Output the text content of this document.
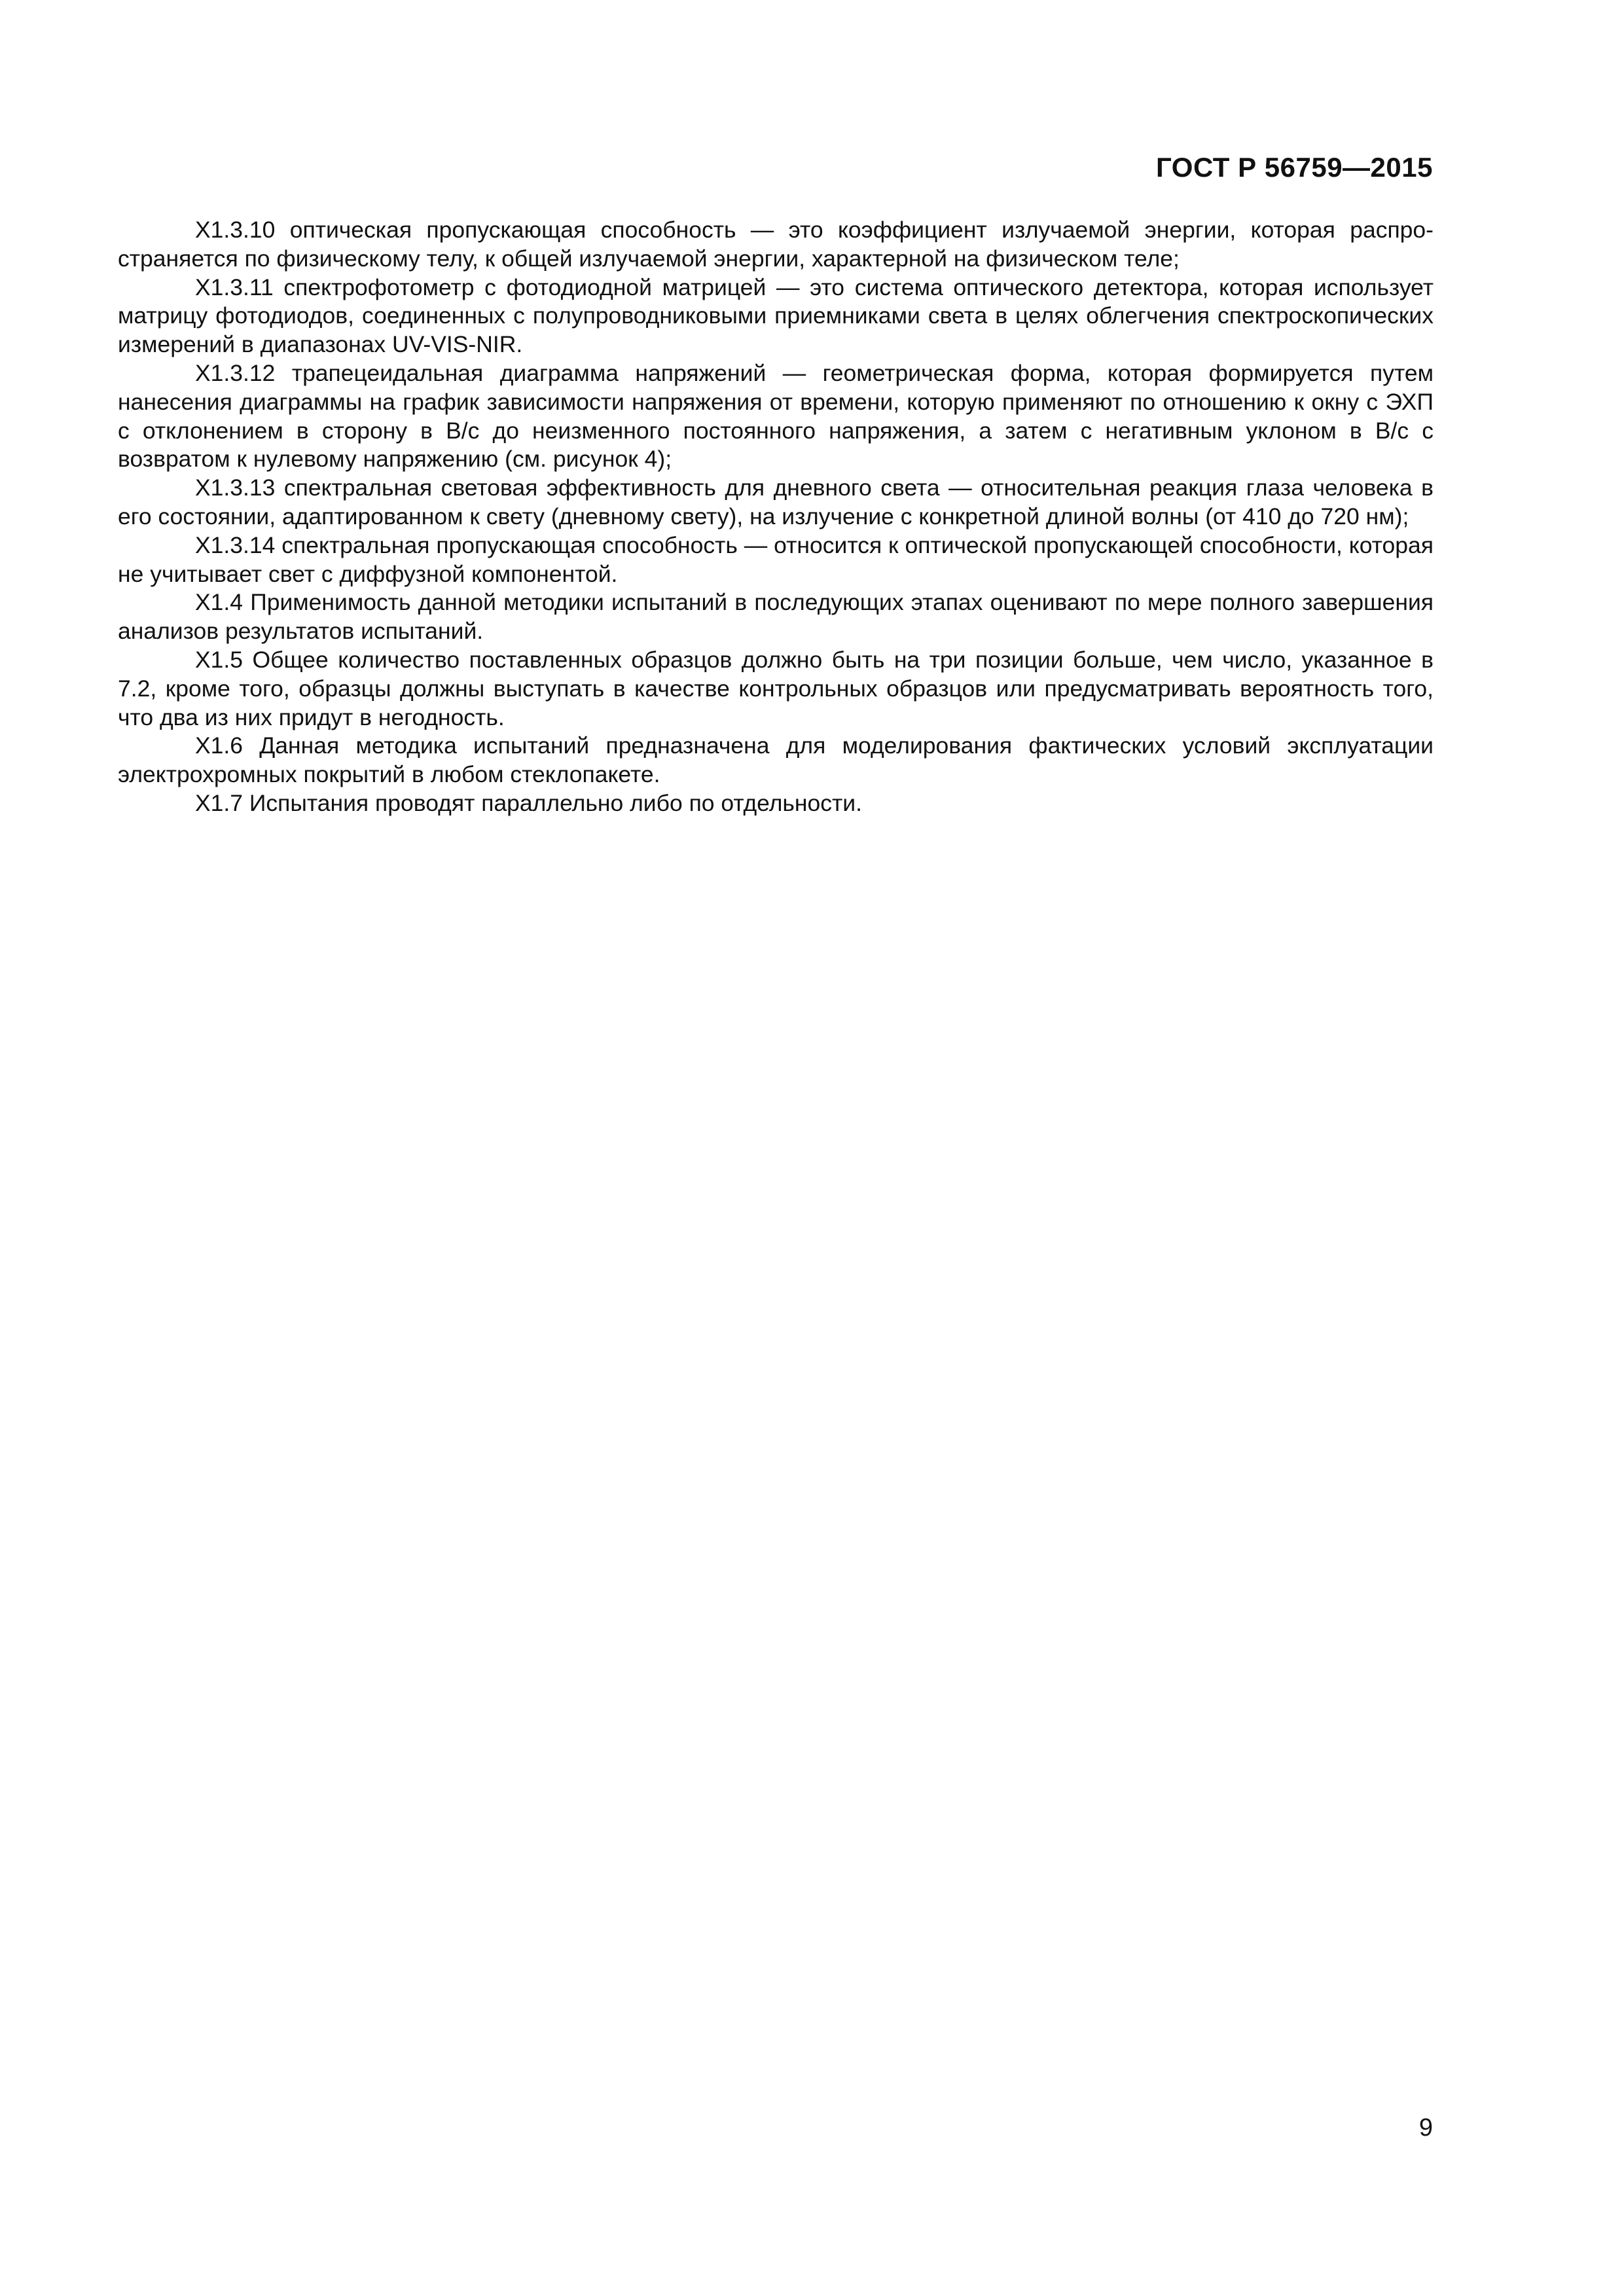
ГОСТ Р 56759—2015

Х1.3.10 оптическая пропускающая способность — это коэффициент излучаемой энергии, которая распространяется по физическому телу, к общей излучаемой энергии, характерной на физическом теле;

Х1.3.11 спектрофотометр с фотодиодной матрицей — это система оптического детектора, которая использует матрицу фотодиодов, соединенных с полупроводниковыми приемниками света в целях облегчения спектроскопических измерений в диапазонах UV-VIS-NIR.

Х1.3.12 трапецеидальная диаграмма напряжений — геометрическая форма, которая формируется путем нанесения диаграммы на график зависимости напряжения от времени, которую применяют по отношению к окну с ЭХП с отклонением в сторону в В/с до неизменного постоянного напряжения, а затем с негативным уклоном в В/с с возвратом к нулевому напряжению (см. рисунок 4);

Х1.3.13 спектральная световая эффективность для дневного света — относительная реакция глаза человека в его состоянии, адаптированном к свету (дневному свету), на излучение с конкретной длиной волны (от 410 до 720 нм);

Х1.3.14 спектральная пропускающая способность — относится к оптической пропускающей способности, которая не учитывает свет с диффузной компонентой.

Х1.4 Применимость данной методики испытаний в последующих этапах оценивают по мере полного завершения анализов результатов испытаний.

Х1.5 Общее количество поставленных образцов должно быть на три позиции больше, чем число, указанное в 7.2, кроме того, образцы должны выступать в качестве контрольных образцов или предусматривать вероятность того, что два из них придут в негодность.

Х1.6 Данная методика испытаний предназначена для моделирования фактических условий эксплуатации электрохромных покрытий в любом стеклопакете.

Х1.7 Испытания проводят параллельно либо по отдельности.

9
